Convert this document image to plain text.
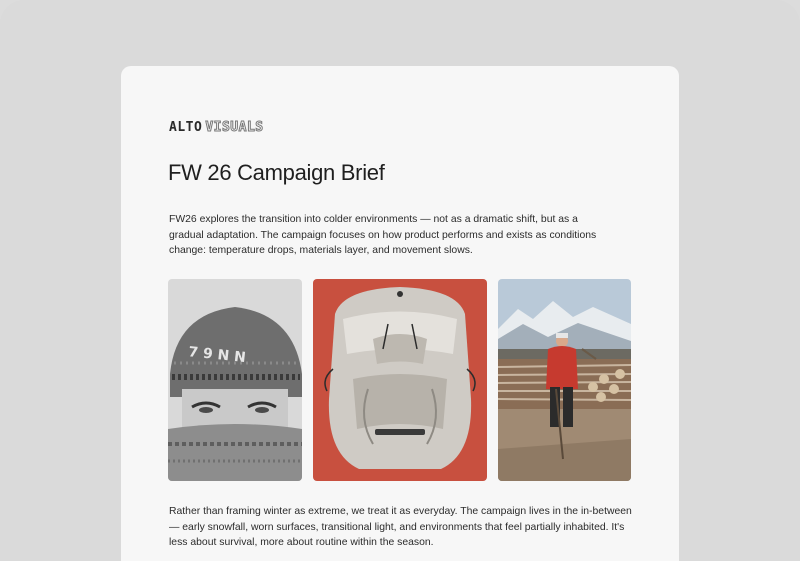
ALTO VISUALS
FW 26 Campaign Brief

FW26 explores the transition into colder environments — not as a dramatic shift, but as a gradual adaptation. The campaign focuses on how product performs and exists as conditions change: temperature drops, materials layer, and movement slows.

7 9 N N

Rather than framing winter as extreme, we treat it as everyday. The campaign lives in the in-between — early snowfall, worn surfaces, transitional light, and environments that feel partially inhabited. It's less about survival, more about routine within the season.
